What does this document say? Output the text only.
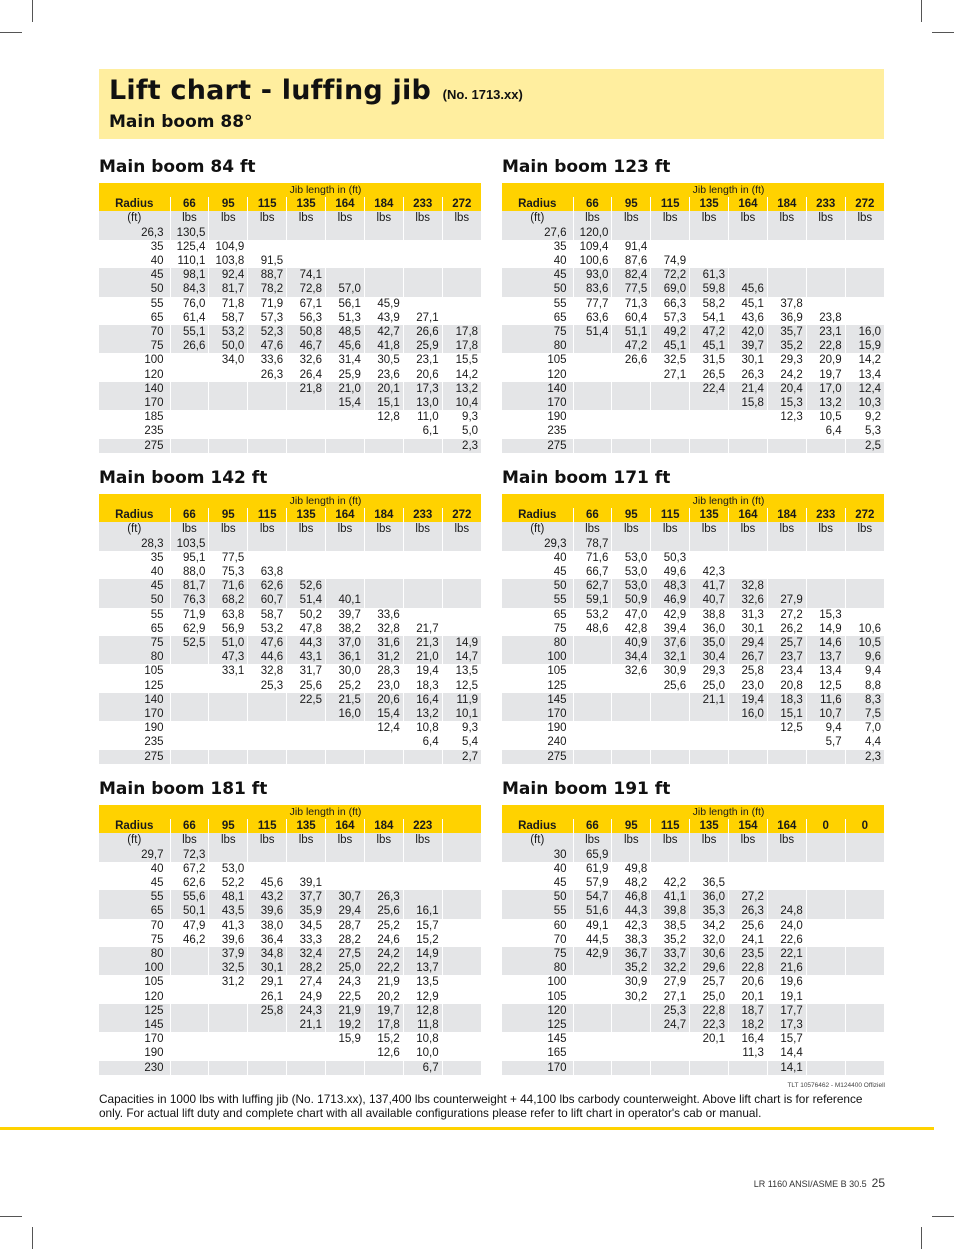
Lift chart - luffing jib (No. 1713.xx)
Main boom 88°
Main boom 84 ft
	Jib length in (ft)							
Radius	66	95	115	135	164	184	233	272
(ft)	lbs	lbs	lbs	lbs	lbs	lbs	lbs	lbs
26,3	130,5							
35	125,4	104,9						
40	110,1	103,8	91,5					
45	98,1	92,4	88,7	74,1				
50	84,3	81,7	78,2	72,8	57,0			
55	76,0	71,8	71,9	67,1	56,1	45,9		
65	61,4	58,7	57,3	56,3	51,3	43,9	27,1	
70	55,1	53,2	52,3	50,8	48,5	42,7	26,6	17,8
75	26,6	50,0	47,6	46,7	45,6	41,8	25,9	17,8
100		34,0	33,6	32,6	31,4	30,5	23,1	15,5
120			26,3	26,4	25,9	23,6	20,6	14,2
140				21,8	21,0	20,1	17,3	13,2
170					15,4	15,1	13,0	10,4
185						12,8	11,0	9,3
235							6,1	5,0
275								2,3
Main boom 123 ft
	Jib length in (ft)							
Radius	66	95	115	135	164	184	233	272
(ft)	lbs	lbs	lbs	lbs	lbs	lbs	lbs	lbs
27,6	120,0							
35	109,4	91,4						
40	100,6	87,6	74,9					
45	93,0	82,4	72,2	61,3				
50	83,6	77,5	69,0	59,8	45,6			
55	77,7	71,3	66,3	58,2	45,1	37,8		
65	63,6	60,4	57,3	54,1	43,6	36,9	23,8	
75	51,4	51,1	49,2	47,2	42,0	35,7	23,1	16,0
80		47,2	45,1	45,1	39,7	35,2	22,8	15,9
105		26,6	32,5	31,5	30,1	29,3	20,9	14,2
120			27,1	26,5	26,3	24,2	19,7	13,4
140				22,4	21,4	20,4	17,0	12,4
170					15,8	15,3	13,2	10,3
190						12,3	10,5	9,2
235							6,4	5,3
275								2,5
Main boom 142 ft
	Jib length in (ft)							
Radius	66	95	115	135	164	184	233	272
(ft)	lbs	lbs	lbs	lbs	lbs	lbs	lbs	lbs
28,3	103,5							
35	95,1	77,5						
40	88,0	75,3	63,8					
45	81,7	71,6	62,6	52,6				
50	76,3	68,2	60,7	51,4	40,1			
55	71,9	63,8	58,7	50,2	39,7	33,6		
65	62,9	56,9	53,2	47,8	38,2	32,8	21,7	
75	52,5	51,0	47,6	44,3	37,0	31,6	21,3	14,9
80		47,3	44,6	43,1	36,1	31,2	21,0	14,7
105		33,1	32,8	31,7	30,0	28,3	19,4	13,5
125			25,3	25,6	25,2	23,0	18,3	12,5
140				22,5	21,5	20,6	16,4	11,9
170					16,0	15,4	13,2	10,1
190						12,4	10,8	9,3
235							6,4	5,4
275								2,7
Main boom 171 ft
	Jib length in (ft)							
Radius	66	95	115	135	164	184	233	272
(ft)	lbs	lbs	lbs	lbs	lbs	lbs	lbs	lbs
29,3	78,7							
40	71,6	53,0	50,3					
45	66,7	53,0	49,6	42,3				
50	62,7	53,0	48,3	41,7	32,8			
55	59,1	50,9	46,9	40,7	32,6	27,9		
65	53,2	47,0	42,9	38,8	31,3	27,2	15,3	
75	48,6	42,8	39,4	36,0	30,1	26,2	14,9	10,6
80		40,9	37,6	35,0	29,4	25,7	14,6	10,5
100		34,4	32,1	30,4	26,7	23,7	13,7	9,6
105		32,6	30,9	29,3	25,8	23,4	13,4	9,4
125			25,6	25,0	23,0	20,8	12,5	8,8
145				21,1	19,4	18,3	11,6	8,3
170					16,0	15,1	10,7	7,5
190						12,5	9,4	7,0
240							5,7	4,4
275								2,3
Main boom 181 ft
	Jib length in (ft)							
Radius	66	95	115	135	164	184	223	
(ft)	lbs	lbs	lbs	lbs	lbs	lbs	lbs	
29,7	72,3							
40	67,2	53,0						
45	62,6	52,2	45,6	39,1				
55	55,6	48,1	43,2	37,7	30,7	26,3		
65	50,1	43,5	39,6	35,9	29,4	25,6	16,1	
70	47,9	41,3	38,0	34,5	28,7	25,2	15,7	
75	46,2	39,6	36,4	33,3	28,2	24,6	15,2	
80		37,9	34,8	32,4	27,5	24,2	14,9	
100		32,5	30,1	28,2	25,0	22,2	13,7	
105		31,2	29,1	27,4	24,3	21,9	13,5	
120			26,1	24,9	22,5	20,2	12,9	
125			25,8	24,3	21,9	19,7	12,8	
145				21,1	19,2	17,8	11,8	
170					15,9	15,2	10,8	
190						12,6	10,0	
230							6,7	
Main boom 191 ft
	Jib length in (ft)							
Radius	66	95	115	135	154	164	0	0
(ft)	lbs	lbs	lbs	lbs	lbs	lbs		
30	65,9							
40	61,9	49,8						
45	57,9	48,2	42,2	36,5				
50	54,7	46,8	41,1	36,0	27,2			
55	51,6	44,3	39,8	35,3	26,3	24,8		
60	49,1	42,3	38,5	34,2	25,6	24,0		
70	44,5	38,3	35,2	32,0	24,1	22,6		
75	42,9	36,7	33,7	30,6	23,5	22,1		
80		35,2	32,2	29,6	22,8	21,6		
100		30,9	27,9	25,7	20,6	19,6		
105		30,2	27,1	25,0	20,1	19,1		
120			25,3	22,8	18,7	17,7		
125			24,7	22,3	18,2	17,3		
145				20,1	16,4	15,7		
165					11,3	14,4		
170						14,1		
TLT 10576462 - M124400 Offiziell
Capacities in 1000 lbs with luffing jib (No. 1713.xx), 137,400 lbs counterweight + 44,100 lbs carbody counterweight. Above lift chart is for reference only. For actual lift duty and complete chart with all available configurations please refer to lift chart in operator's cab or manual.
LR 1160 ANSI/ASME B 30.5 25
